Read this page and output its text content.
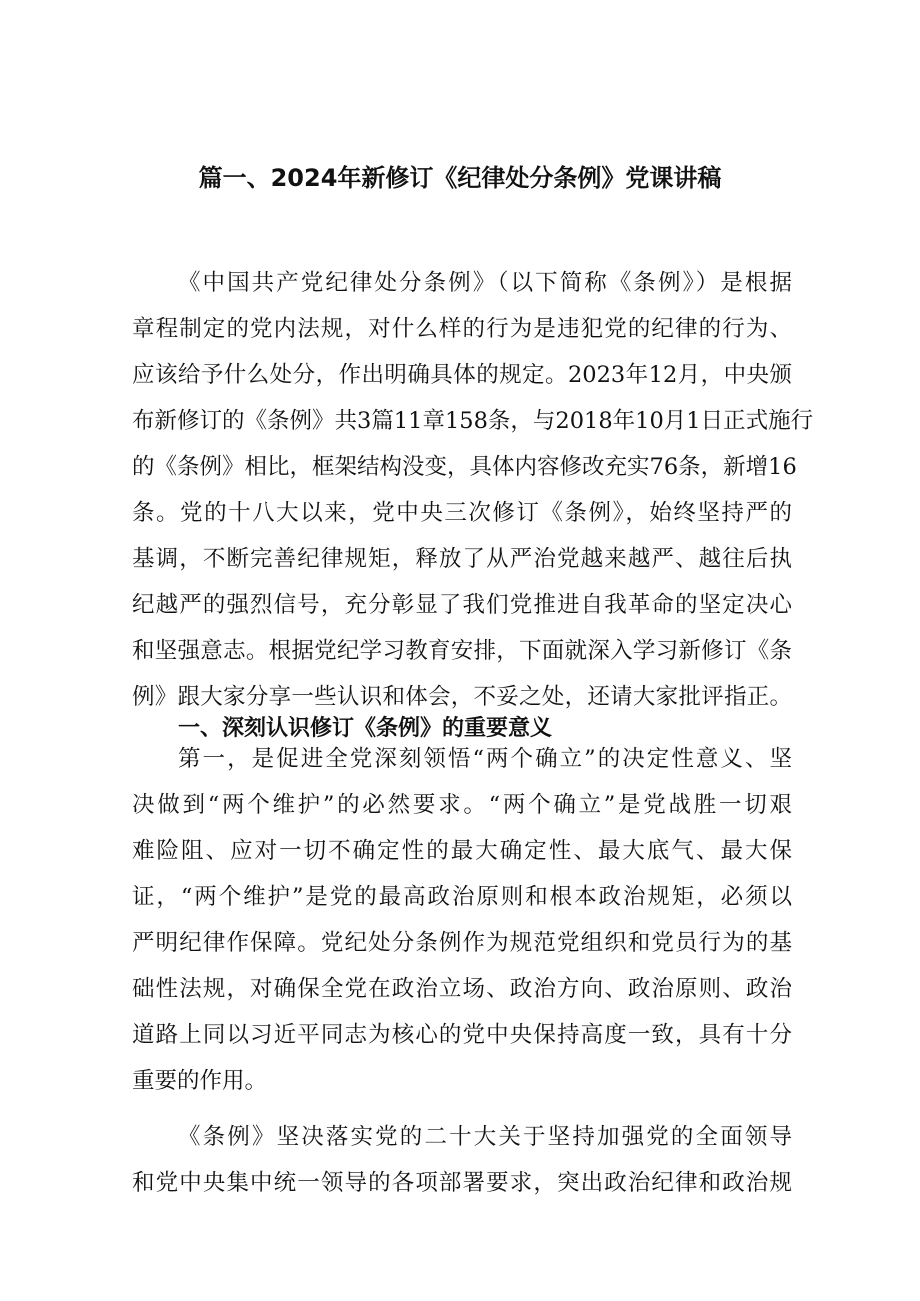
篇一、2024年新修订《纪律处分条例》党课讲稿

《中国共产党纪律处分条例》（以下简称《条例》）是根据

章程制定的党内法规，对什么样的行为是违犯党的纪律的行为、

应该给予什么处分，作出明确具体的规定。2023年12月，中央颁

布新修订的《条例》共3篇11章158条，与2018年10月1日正式施行

的《条例》相比，框架结构没变，具体内容修改充实76条，新增16

条。党的十八大以来，党中央三次修订《条例》，始终坚持严的

基调，不断完善纪律规矩，释放了从严治党越来越严、越往后执

纪越严的强烈信号，充分彰显了我们党推进自我革命的坚定决心

和坚强意志。根据党纪学习教育安排，下面就深入学习新修订《条

例》跟大家分享一些认识和体会，不妥之处，还请大家批评指正。

一、深刻认识修订《条例》的重要意义

第一，是促进全党深刻领悟“两个确立”的决定性意义、坚

决做到“两个维护”的必然要求。“两个确立”是党战胜一切艰

难险阻、应对一切不确定性的最大确定性、最大底气、最大保

证，“两个维护”是党的最高政治原则和根本政治规矩，必须以

严明纪律作保障。党纪处分条例作为规范党组织和党员行为的基

础性法规，对确保全党在政治立场、政治方向、政治原则、政治

道路上同以习近平同志为核心的党中央保持高度一致，具有十分

重要的作用。

《条例》坚决落实党的二十大关于坚持加强党的全面领导

和党中央集中统一领导的各项部署要求，突出政治纪律和政治规
